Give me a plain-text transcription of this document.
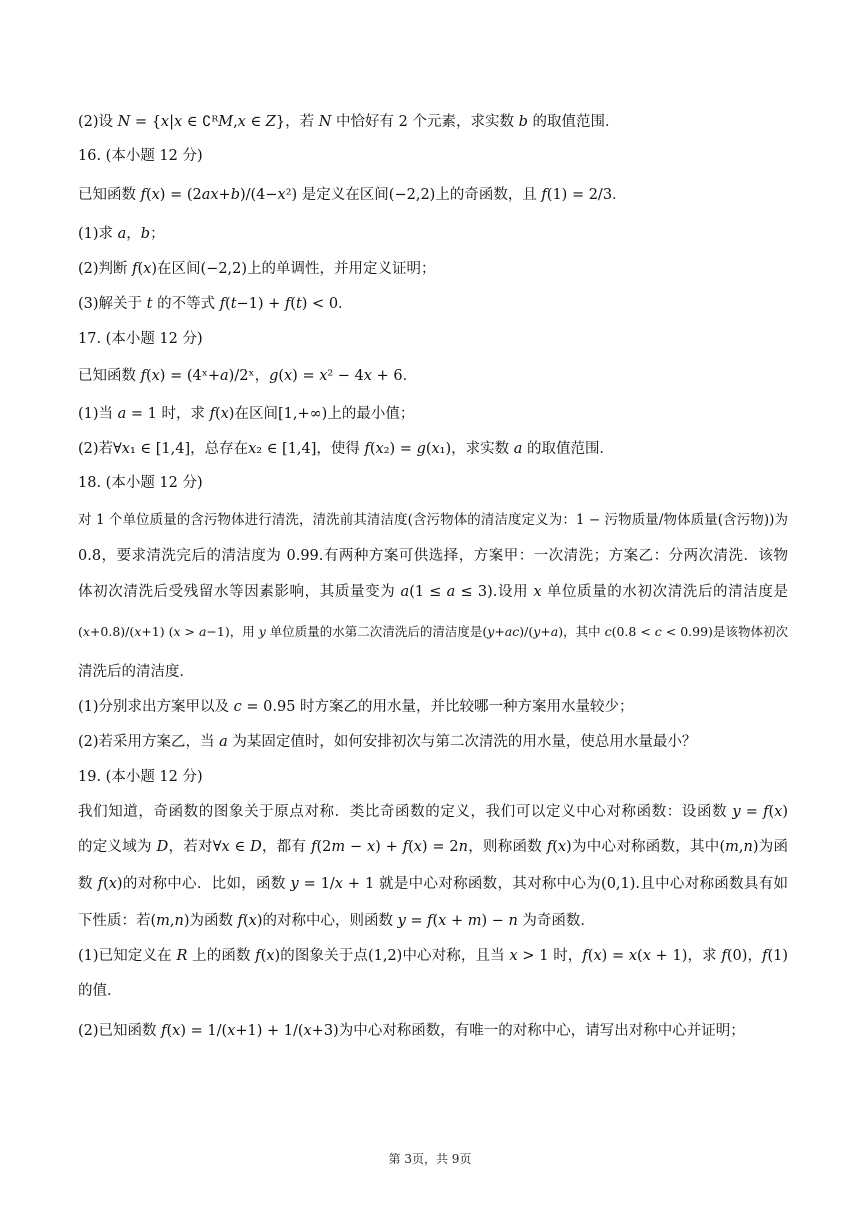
(2)设 𝑁 = {𝑥|𝑥 ∈ ∁ᴿ𝑀,𝑥 ∈ 𝑍}，若 𝑁 中恰好有 2 个元素，求实数 𝑏 的取值范围．
16. (本小题 12 分)
已知函数 𝑓(𝑥) = (2𝑎𝑥+𝑏)/(4−𝑥²) 是定义在区间(−2,2)上的奇函数，且 𝑓(1) = 2/3．
(1)求 𝑎，𝑏；
(2)判断 𝑓(𝑥)在区间(−2,2)上的单调性，并用定义证明；
(3)解关于 𝑡 的不等式 𝑓(𝑡−1) + 𝑓(𝑡) < 0．
17. (本小题 12 分)
已知函数 𝑓(𝑥) = (4ˣ+𝑎)/2ˣ，𝑔(𝑥) = 𝑥² − 4𝑥 + 6．
(1)当 𝑎 = 1 时，求 𝑓(𝑥)在区间[1,+∞)上的最小值；
(2)若∀𝑥₁ ∈ [1,4]，总存在𝑥₂ ∈ [1,4]，使得 𝑓(𝑥₂) = 𝑔(𝑥₁)，求实数 𝑎 的取值范围．
18. (本小题 12 分)
对 1 个单位质量的含污物体进行清洗，清洗前其清洁度(含污物体的清洁度定义为：1 − 污物质量/物体质量(含污物))为
0.8，要求清洗完后的清洁度为 0.99.有两种方案可供选择，方案甲：一次清洗；方案乙：分两次清洗．该物
体初次清洗后受残留水等因素影响，其质量变为 𝑎(1 ≤ 𝑎 ≤ 3).设用 𝑥 单位质量的水初次清洗后的清洁度是
(𝑥+0.8)/(𝑥+1) (𝑥 > 𝑎−1)，用 𝑦 单位质量的水第二次清洗后的清洁度是(𝑦+𝑎𝑐)/(𝑦+𝑎)，其中 𝑐(0.8 < 𝑐 < 0.99)是该物体初次
清洗后的清洁度．
(1)分别求出方案甲以及 𝑐 = 0.95 时方案乙的用水量，并比较哪一种方案用水量较少；
(2)若采用方案乙，当 𝑎 为某固定值时，如何安排初次与第二次清洗的用水量，使总用水量最小？
19. (本小题 12 分)
我们知道，奇函数的图象关于原点对称．类比奇函数的定义，我们可以定义中心对称函数：设函数 𝑦 = 𝑓(𝑥)
的定义域为 𝐷，若对∀𝑥 ∈ 𝐷，都有 𝑓(2𝑚 − 𝑥) + 𝑓(𝑥) = 2𝑛，则称函数 𝑓(𝑥)为中心对称函数，其中(𝑚,𝑛)为函
数 𝑓(𝑥)的对称中心．比如，函数 𝑦 = 1/𝑥 + 1 就是中心对称函数，其对称中心为(0,1).且中心对称函数具有如
下性质：若(𝑚,𝑛)为函数 𝑓(𝑥)的对称中心，则函数 𝑦 = 𝑓(𝑥 + 𝑚) − 𝑛 为奇函数．
(1)已知定义在 𝑅 上的函数 𝑓(𝑥)的图象关于点(1,2)中心对称，且当 𝑥 > 1 时，𝑓(𝑥) = 𝑥(𝑥 + 1)，求 𝑓(0)，𝑓(1)
的值．
(2)已知函数 𝑓(𝑥) = 1/(𝑥+1) + 1/(𝑥+3)为中心对称函数，有唯一的对称中心，请写出对称中心并证明；
第 3页，共 9页
